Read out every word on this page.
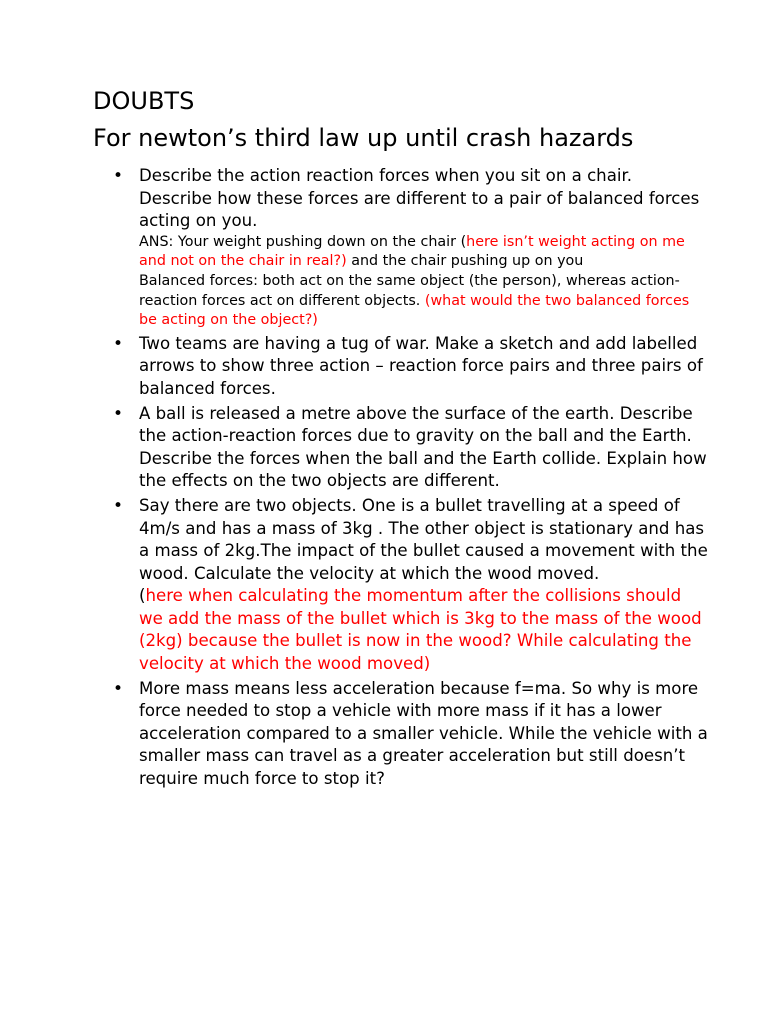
DOUBTS
For newton’s third law up until crash hazards
• Describe the action reaction forces when you sit on a chair. Describe how these forces are different to a pair of balanced forces acting on you.
ANS: Your weight pushing down on the chair (here isn’t weight acting on me and not on the chair in real?) and the chair pushing up on you
Balanced forces: both act on the same object (the person), whereas action-reaction forces act on different objects. (what would the two balanced forces be acting on the object?)
• Two teams are having a tug of war. Make a sketch and add labelled arrows to show three action – reaction force pairs and three pairs of balanced forces.
• A ball is released a metre above the surface of the earth. Describe the action-reaction forces due to gravity on the ball and the Earth. Describe the forces when the ball and the Earth collide. Explain how the effects on the two objects are different.
• Say there are two objects. One is a bullet travelling at a speed of 4m/s and has a mass of 3kg . The other object is stationary and has a mass of 2kg.The impact of the bullet caused a movement with the wood. Calculate the velocity at which the wood moved.
(here when calculating the momentum after the collisions should we add the mass of the bullet which is 3kg to the mass of the wood (2kg) because the bullet is now in the wood? While calculating the velocity at which the wood moved)
• More mass means less acceleration because f=ma. So why is more force needed to stop a vehicle with more mass if it has a lower acceleration compared to a smaller vehicle. While the vehicle with a smaller mass can travel as a greater acceleration but still doesn’t require much force to stop it?
